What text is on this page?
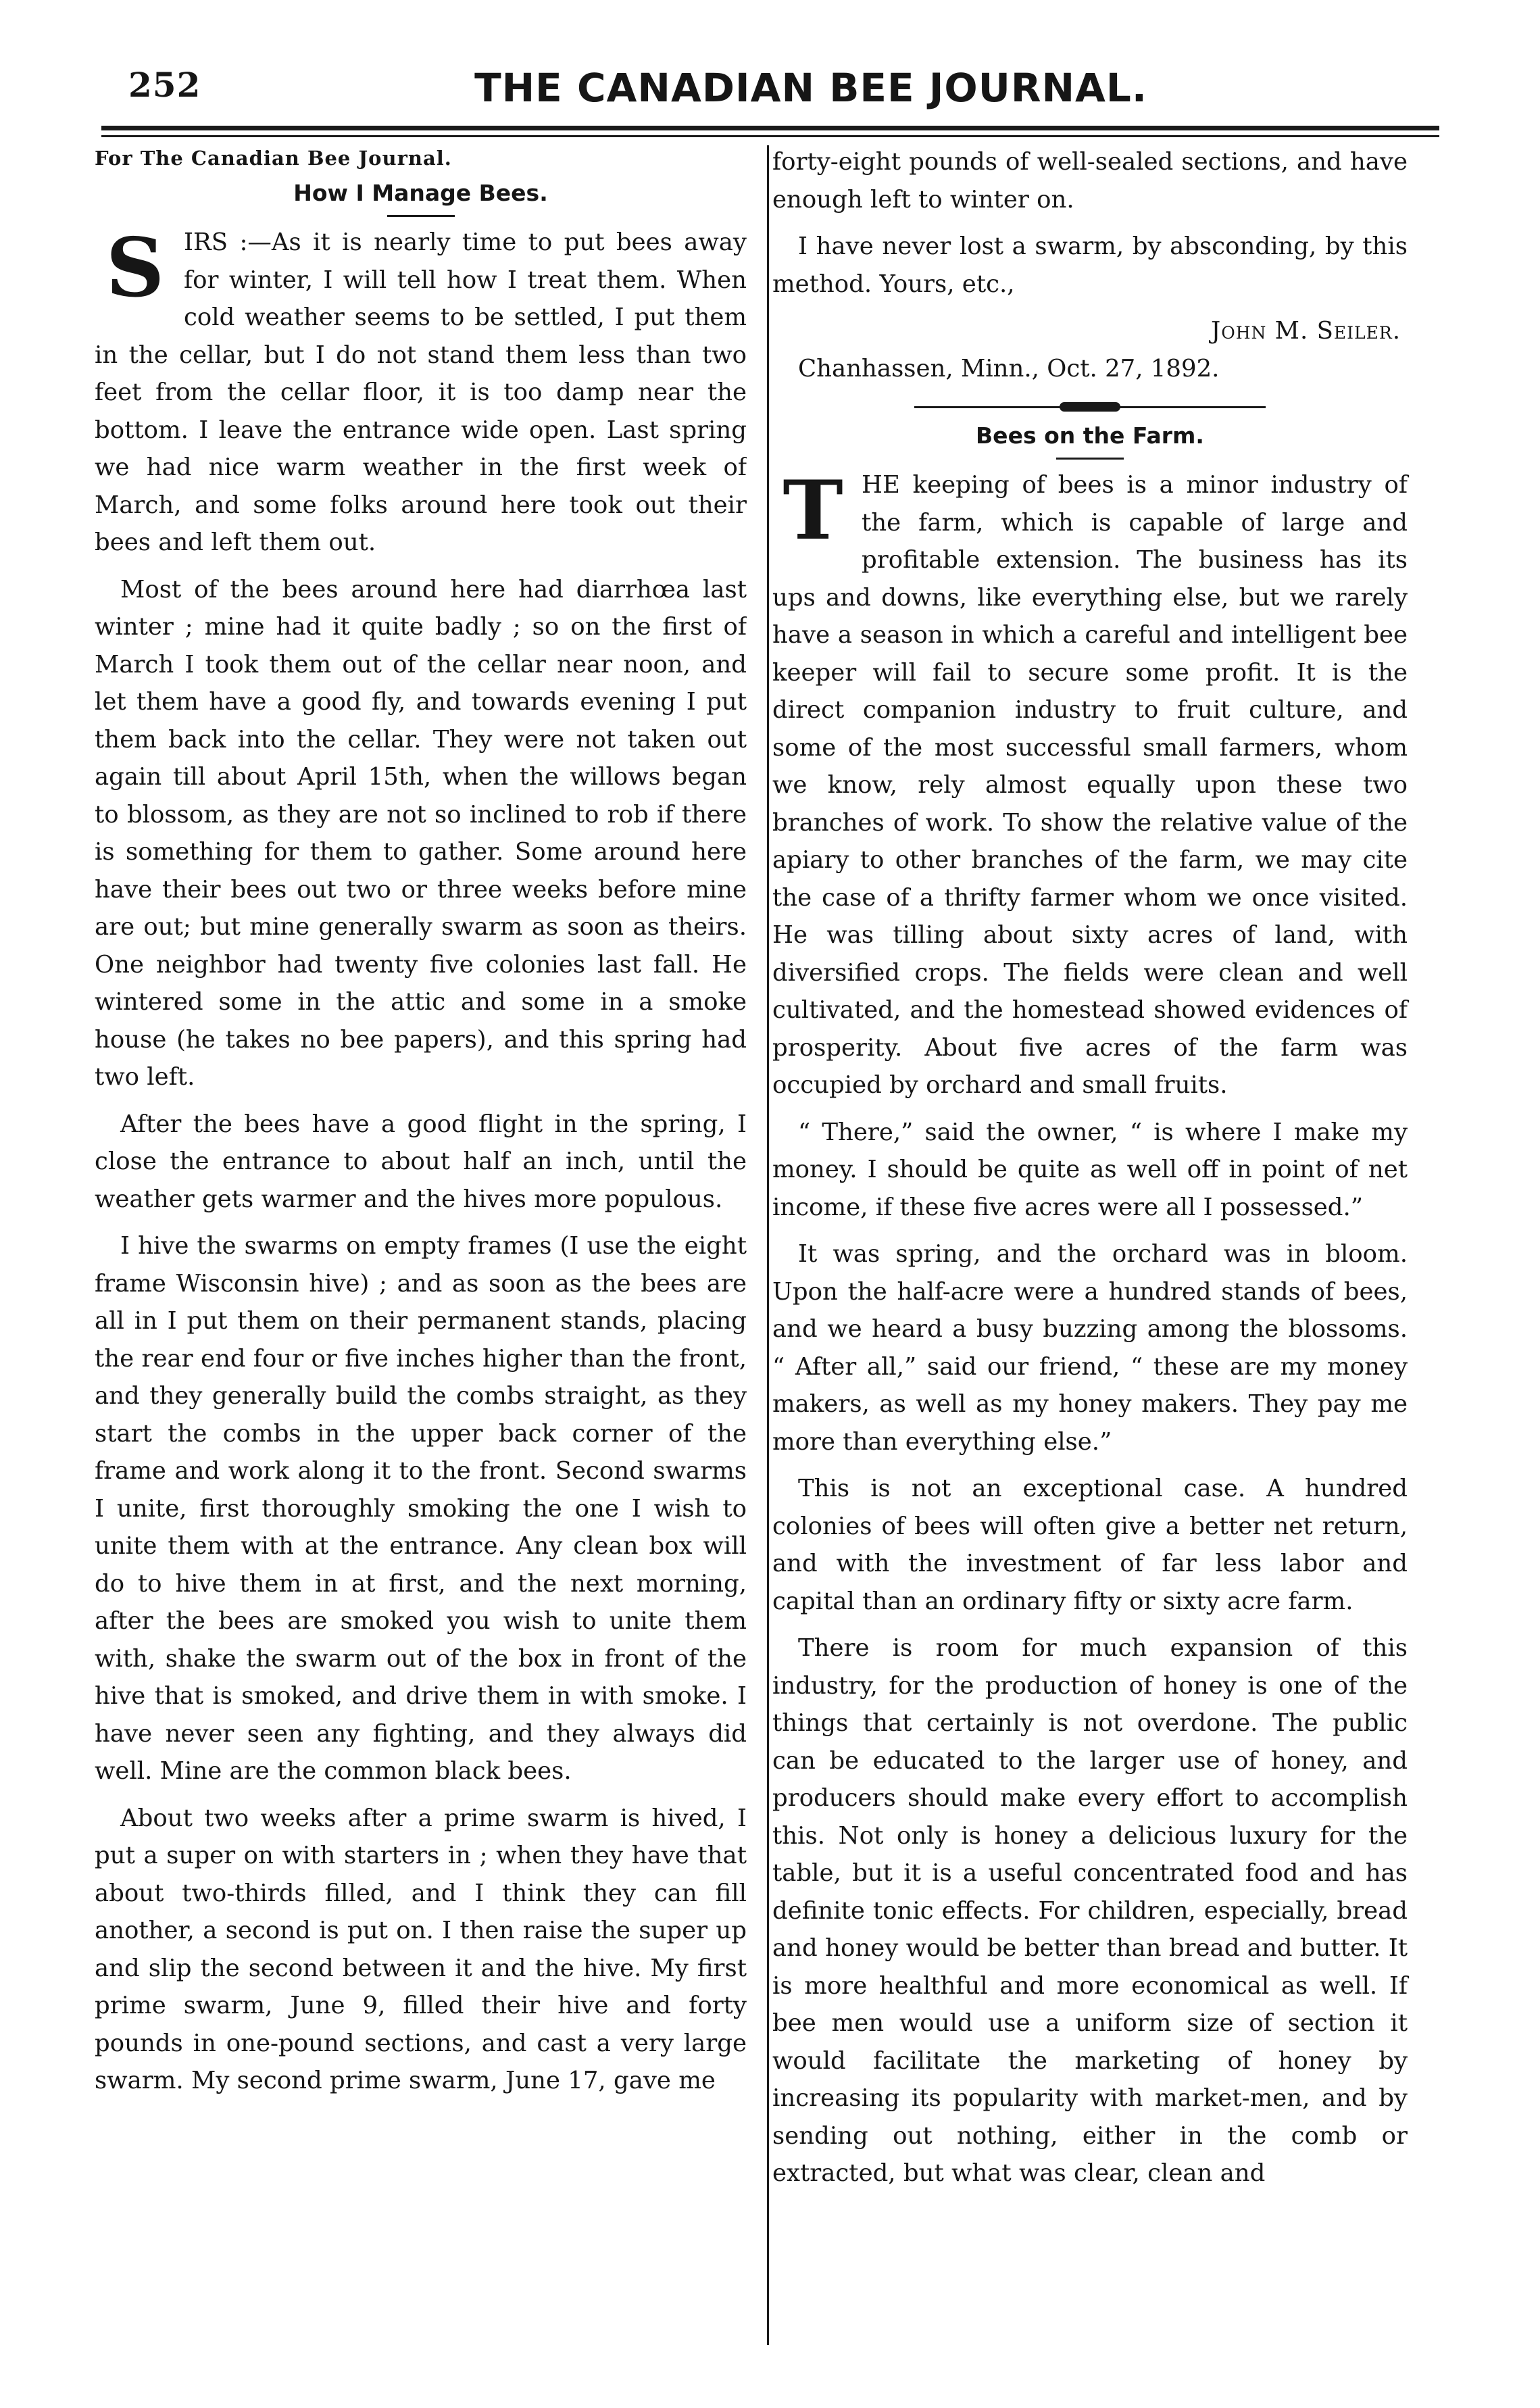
252	THE CANADIAN BEE JOURNAL.

For The Canadian Bee Journal.

How I Manage Bees.

SIRS :—As it is nearly time to put bees away for winter, I will tell how I treat them. When cold weather seems to be settled, I put them in the cellar, but I do not stand them less than two feet from the cellar floor, it is too damp near the bottom. I leave the entrance wide open. Last spring we had nice warm weather in the first week of March, and some folks around here took out their bees and left them out.

Most of the bees around here had diarrhœa last winter ; mine had it quite badly ; so on the first of March I took them out of the cellar near noon, and let them have a good fly, and towards evening I put them back into the cellar. They were not taken out again till about April 15th, when the willows began to blossom, as they are not so inclined to rob if there is something for them to gather. Some around here have their bees out two or three weeks before mine are out; but mine generally swarm as soon as theirs. One neighbor had twenty five colonies last fall. He wintered some in the attic and some in a smoke house (he takes no bee papers), and this spring had two left.

After the bees have a good flight in the spring, I close the entrance to about half an inch, until the weather gets warmer and the hives more populous.

I hive the swarms on empty frames (I use the eight frame Wisconsin hive) ; and as soon as the bees are all in I put them on their permanent stands, placing the rear end four or five inches higher than the front, and they generally build the combs straight, as they start the combs in the upper back corner of the frame and work along it to the front. Second swarms I unite, first thoroughly smoking the one I wish to unite them with at the entrance. Any clean box will do to hive them in at first, and the next morning, after the bees are smoked you wish to unite them with, shake the swarm out of the box in front of the hive that is smoked, and drive them in with smoke. I have never seen any fighting, and they always did well. Mine are the common black bees.

About two weeks after a prime swarm is hived, I put a super on with starters in ; when they have that about two-thirds filled, and I think they can fill another, a second is put on. I then raise the super up and slip the second between it and the hive. My first prime swarm, June 9, filled their hive and forty pounds in one-pound sections, and cast a very large swarm. My second prime swarm, June 17, gave me

forty-eight pounds of well-sealed sections, and have enough left to winter on.

I have never lost a swarm, by absconding, by this method. Yours, etc.,

John M. Seiler.

Chanhassen, Minn., Oct. 27, 1892.

Bees on the Farm.

THE keeping of bees is a minor industry of the farm, which is capable of large and profitable extension. The business has its ups and downs, like everything else, but we rarely have a season in which a careful and intelligent bee keeper will fail to secure some profit. It is the direct companion industry to fruit culture, and some of the most successful small farmers, whom we know, rely almost equally upon these two branches of work. To show the relative value of the apiary to other branches of the farm, we may cite the case of a thrifty farmer whom we once visited. He was tilling about sixty acres of land, with diversified crops. The fields were clean and well cultivated, and the homestead showed evidences of prosperity. About five acres of the farm was occupied by orchard and small fruits.

“ There,” said the owner, “ is where I make my money. I should be quite as well off in point of net income, if these five acres were all I possessed.”

It was spring, and the orchard was in bloom. Upon the half-acre were a hundred stands of bees, and we heard a busy buzzing among the blossoms. “ After all,” said our friend, “ these are my money makers, as well as my honey makers. They pay me more than everything else.”

This is not an exceptional case. A hundred colonies of bees will often give a better net return, and with the investment of far less labor and capital than an ordinary fifty or sixty acre farm.

There is room for much expansion of this industry, for the production of honey is one of the things that certainly is not overdone. The public can be educated to the larger use of honey, and producers should make every effort to accomplish this. Not only is honey a delicious luxury for the table, but it is a useful concentrated food and has definite tonic effects. For children, especially, bread and honey would be better than bread and butter. It is more healthful and more economical as well. If bee men would use a uniform size of section it would facilitate the marketing of honey by increasing its popularity with market-men, and by sending out nothing, either in the comb or extracted, but what was clear, clean and
